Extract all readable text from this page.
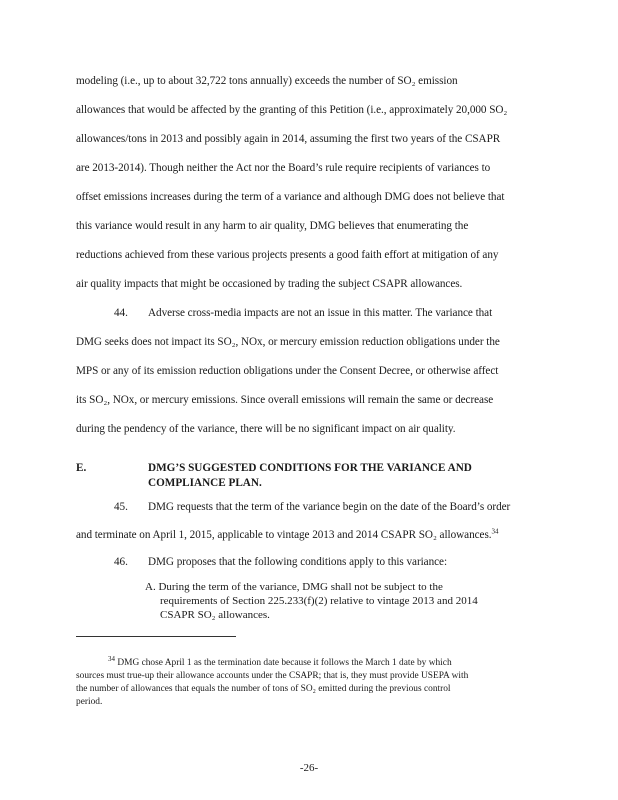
modeling (i.e., up to about 32,722 tons annually) exceeds the number of SO₂ emission
allowances that would be affected by the granting of this Petition (i.e., approximately 20,000 SO₂
allowances/tons in 2013 and possibly again in 2014, assuming the first two years of the CSAPR
are 2013-2014). Though neither the Act nor the Board’s rule require recipients of variances to
offset emissions increases during the term of a variance and although DMG does not believe that
this variance would result in any harm to air quality, DMG believes that enumerating the
reductions achieved from these various projects presents a good faith effort at mitigation of any
air quality impacts that might be occasioned by trading the subject CSAPR allowances.
44. Adverse cross-media impacts are not an issue in this matter. The variance that
DMG seeks does not impact its SO₂, NOx, or mercury emission reduction obligations under the
MPS or any of its emission reduction obligations under the Consent Decree, or otherwise affect
its SO₂, NOx, or mercury emissions. Since overall emissions will remain the same or decrease
during the pendency of the variance, there will be no significant impact on air quality.
E.	DMG’S SUGGESTED CONDITIONS FOR THE VARIANCE AND
COMPLIANCE PLAN.
45. DMG requests that the term of the variance begin on the date of the Board’s order
and terminate on April 1, 2015, applicable to vintage 2013 and 2014 CSAPR SO₂ allowances.$^{34}$
46. DMG proposes that the following conditions apply to this variance:
A. During the term of the variance, DMG shall not be subject to the
requirements of Section 225.233(f)(2) relative to vintage 2013 and 2014
CSAPR SO₂ allowances.
$^{34}$ DMG chose April 1 as the termination date because it follows the March 1 date by which
sources must true-up their allowance accounts under the CSAPR; that is, they must provide USEPA with
the number of allowances that equals the number of tons of SO₂ emitted during the previous control
period.
-26-
